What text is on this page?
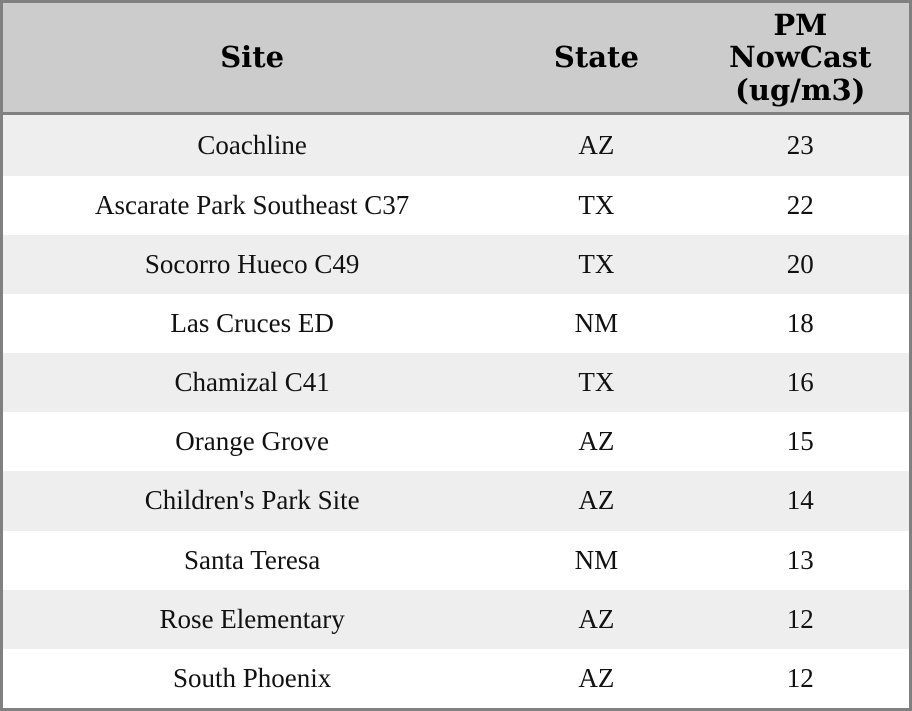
Site	State	PM
NowCast
(ug/m3)

Coachline	AZ	23
Ascarate Park Southeast C37	TX	22
Socorro Hueco C49	TX	20
Las Cruces ED	NM	18
Chamizal C41	TX	16
Orange Grove	AZ	15
Children's Park Site	AZ	14
Santa Teresa	NM	13
Rose Elementary	AZ	12
South Phoenix	AZ	12
